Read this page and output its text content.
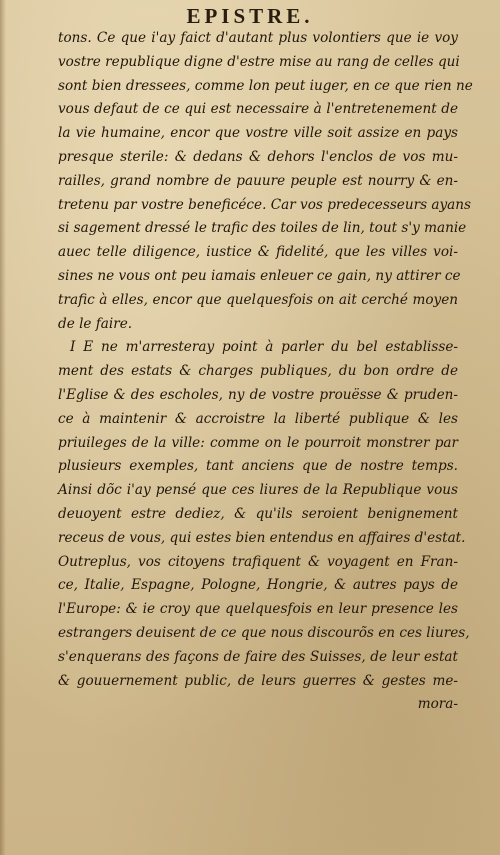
EPISTRE.
tons. Ce que i'ay faict d'autant plus volontiers que ie voy
vostre republique digne d'estre mise au rang de celles qui
sont bien dressees, comme lon peut iuger, en ce que rien ne
vous defaut de ce qui est necessaire à l'entretenement de
la vie humaine, encor que vostre ville soit assize en pays
presque sterile: & dedans & dehors l'enclos de vos mu-
railles, grand nombre de pauure peuple est nourry & en-
tretenu par vostre beneficéce. Car vos predecesseurs ayans
si sagement dressé le trafic des toiles de lin, tout s'y manie
auec telle diligence, iustice & fidelité, que les villes voi-
sines ne vous ont peu iamais enleuer ce gain, ny attirer ce
trafic à elles, encor que quelquesfois on ait cerché moyen
de le faire.
I E ne m'arresteray point à parler du bel establisse-
ment des estats & charges publiques, du bon ordre de
l'Eglise & des escholes, ny de vostre prouësse & pruden-
ce à maintenir & accroistre la liberté publique & les
priuileges de la ville: comme on le pourroit monstrer par
plusieurs exemples, tant anciens que de nostre temps.
Ainsi dõc i'ay pensé que ces liures de la Republique vous
deuoyent estre dediez, & qu'ils seroient benignement
receus de vous, qui estes bien entendus en affaires d'estat.
Outreplus, vos citoyens trafiquent & voyagent en Fran-
ce, Italie, Espagne, Pologne, Hongrie, & autres pays de
l'Europe: & ie croy que quelquesfois en leur presence les
estrangers deuisent de ce que nous discourõs en ces liures,
s'enquerans des façons de faire des Suisses, de leur estat
& gouuernement public, de leurs guerres & gestes me-
mora-
